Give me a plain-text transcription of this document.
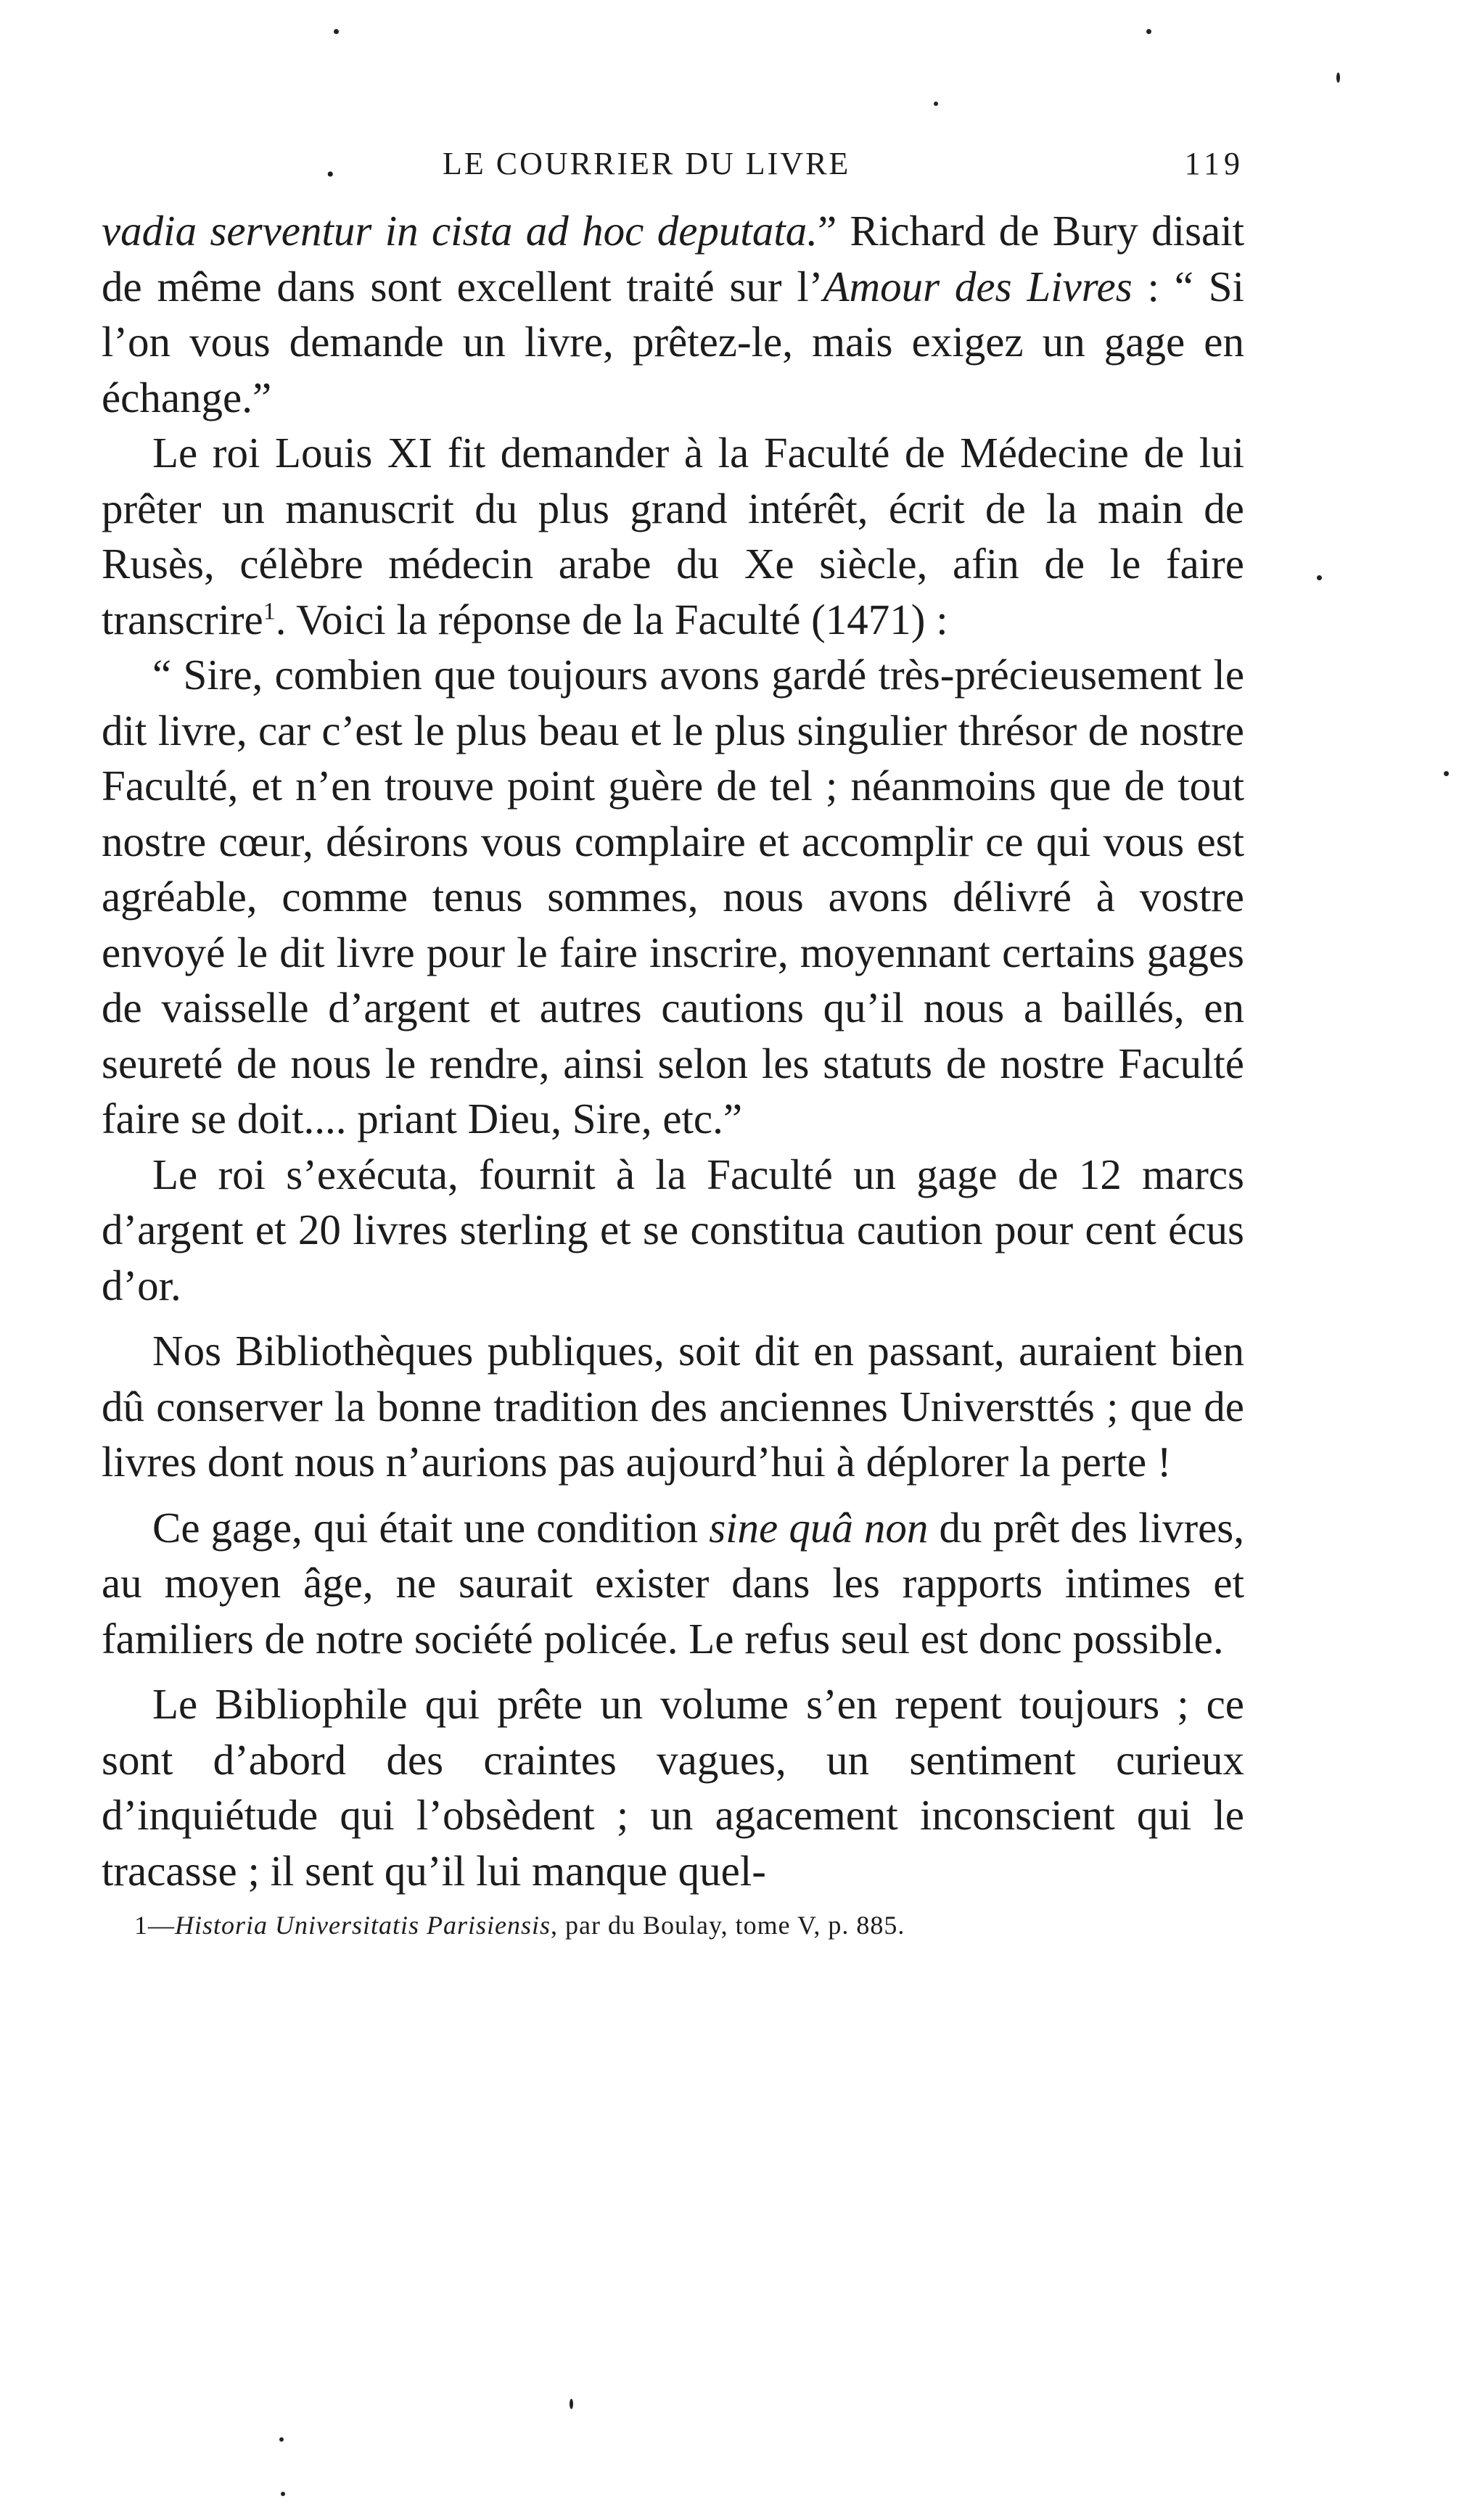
•	LE COURRIER DU LIVRE	119

vadia serventur in cista ad hoc deputata.” Richard de Bury disait de même dans sont excellent traité sur l’Amour des Livres : “ Si l’on vous demande un livre, prêtez-le, mais exigez un gage en échange.”

Le roi Louis XI fit demander à la Faculté de Médecine de lui prêter un manuscrit du plus grand intérêt, écrit de la main de Rusès, célèbre médecin arabe du Xe siècle, afin de le faire transcrire$^1$. Voici la réponse de la Faculté (1471) :

“ Sire, combien que toujours avons gardé très-précieusement le dit livre, car c’est le plus beau et le plus singulier thrésor de nostre Faculté, et n’en trouve point guère de tel ; néanmoins que de tout nostre cœur, désirons vous complaire et accomplir ce qui vous est agréable, comme tenus sommes, nous avons délivré à vostre envoyé le dit livre pour le faire inscrire, moyennant certains gages de vaisselle d’argent et autres cautions qu’il nous a baillés, en seureté de nous le rendre, ainsi selon les statuts de nostre Faculté faire se doit.... priant Dieu, Sire, etc.”

Le roi s’exécuta, fournit à la Faculté un gage de 12 marcs d’argent et 20 livres sterling et se constitua caution pour cent écus d’or.

Nos Bibliothèques publiques, soit dit en passant, auraient bien dû conserver la bonne tradition des anciennes Universttés ; que de livres dont nous n’aurions pas aujourd’hui à déplorer la perte !

Ce gage, qui était une condition sine quâ non du prêt des livres, au moyen âge, ne saurait exister dans les rapports intimes et familiers de notre société policée. Le refus seul est donc possible.

Le Bibliophile qui prête un volume s’en repent toujours ; ce sont d’abord des craintes vagues, un sentiment curieux d’inquiétude qui l’obsèdent ; un agacement inconscient qui le tracasse ; il sent qu’il lui manque quel-

1—Historia Universitatis Parisiensis, par du Boulay, tome V, p. 885.
